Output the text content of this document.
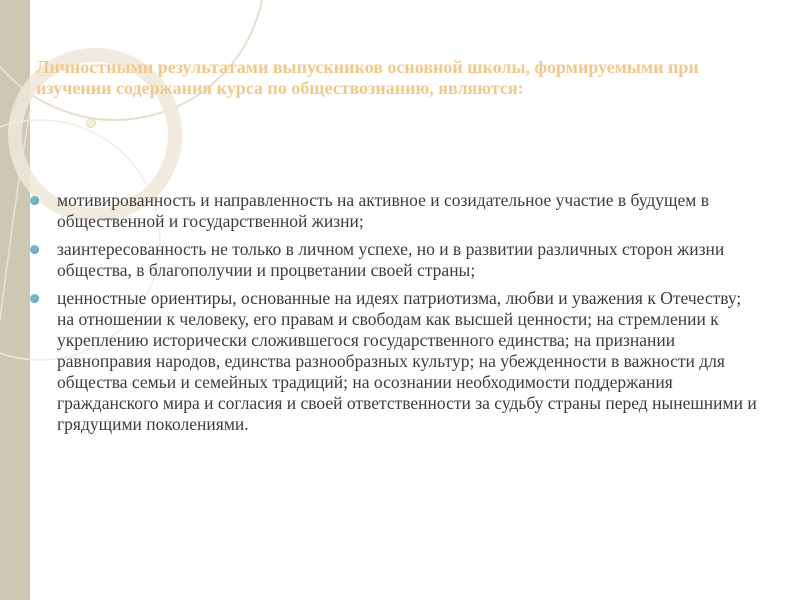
Личностными результатами выпускников основной школы, формируемыми при изучении содержания курса по обществознанию, являются:
мотивированность и направленность на активное и созидательное участие в будущем в общественной и государственной жизни;
заинтересованность не только в личном успехе, но и в развитии различных сторон жизни общества, в благополучии и процветании своей страны;
ценностные ориентиры, основанные на идеях патриотизма, любви и уважения к Отечеству; на отношении к человеку, его правам и свободам как высшей ценности; на стремлении к укреплению исторически сложившегося государственного единства; на признании равноправия народов, единства разнообразных культур; на убежденности в важности для общества семьи и семейных традиций; на осознании необходимости поддержания гражданского мира и согласия и своей ответственности за судьбу страны перед нынешними и грядущими поколениями.
